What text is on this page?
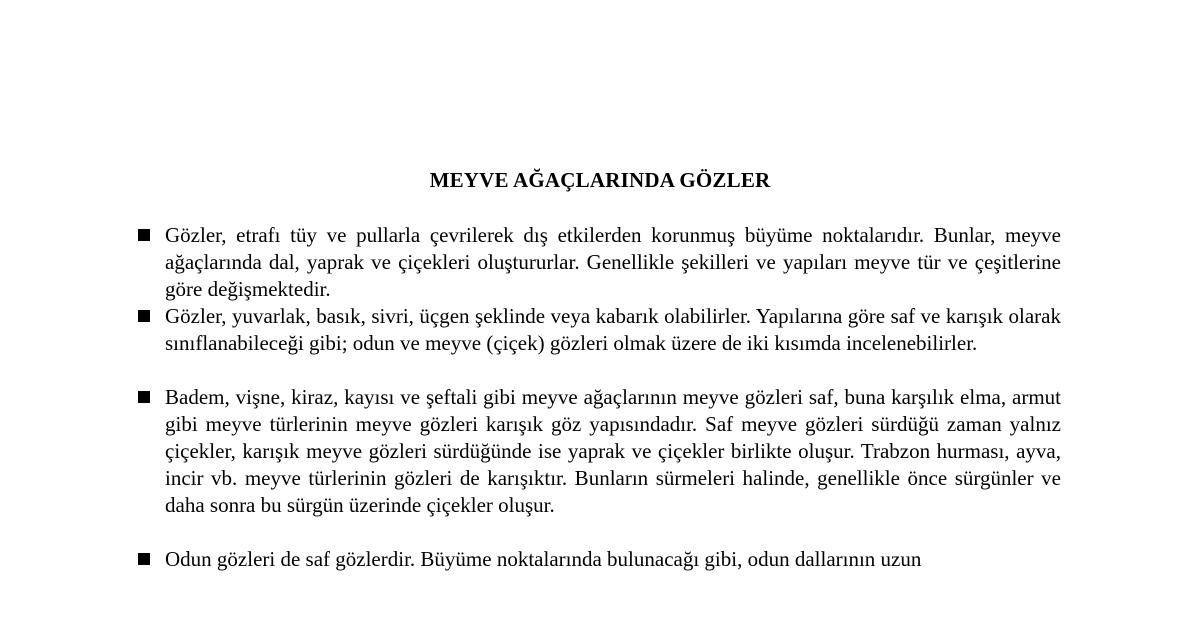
MEYVE AĞAÇLARINDA GÖZLER
Gözler, etrafı tüy ve pullarla çevrilerek dış etkilerden korunmuş büyüme noktalarıdır. Bunlar, meyve ağaçlarında dal, yaprak ve çiçekleri oluştururlar. Genellikle şekilleri ve yapıları meyve tür ve çeşitlerine göre değişmektedir.
Gözler, yuvarlak, basık, sivri, üçgen şeklinde veya kabarık olabilirler. Yapılarına göre saf ve karışık olarak sınıflanabileceği gibi; odun ve meyve (çiçek) gözleri olmak üzere de iki kısımda incelenebilirler.
Badem, vişne, kiraz, kayısı ve şeftali gibi meyve ağaçlarının meyve gözleri saf, buna karşılık elma, armut gibi meyve türlerinin meyve gözleri karışık göz yapısındadır. Saf meyve gözleri sürdüğü zaman yalnız çiçekler, karışık meyve gözleri sürdüğünde ise yaprak ve çiçekler birlikte oluşur. Trabzon hurması, ayva, incir vb. meyve türlerinin gözleri de karışıktır. Bunların sürmeleri halinde, genellikle önce sürgünler ve daha sonra bu sürgün üzerinde çiçekler oluşur.
Odun gözleri de saf gözlerdir. Büyüme noktalarında bulunacağı gibi, odun dallarının uzun
